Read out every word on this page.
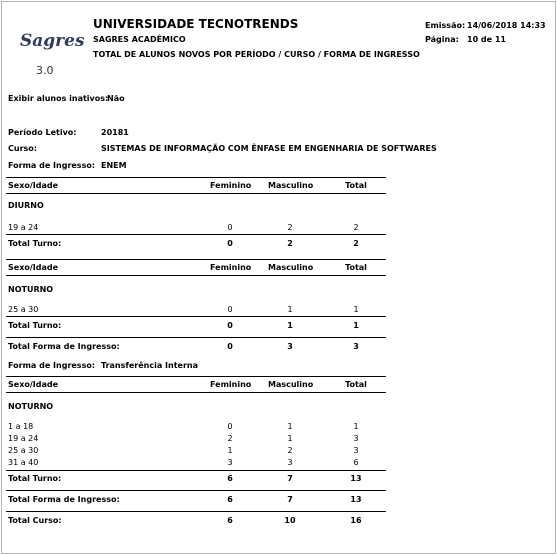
Sagres
3.0
UNIVERSIDADE TECNOTRENDS
SAGRES ACADÊMICO
TOTAL DE ALUNOS NOVOS POR PERÍODO / CURSO / FORMA DE INGRESSO
Emissão: 14/06/2018 14:33
Página: 10 de 11
Exibir alunos inativos:
Não
Período Letivo:	20181
Curso:	SISTEMAS DE INFORMAÇÃO COM ÊNFASE EM ENGENHARIA DE SOFTWARES
Forma de Ingresso: ENEM
Sexo/Idade	Feminino Masculino	Total
DIURNO
19 a 24	0	2	2
Total Turno:	0	2	2
Sexo/Idade	Feminino Masculino	Total
NOTURNO
25 a 30	0	1	1
Total Turno:	0	1	1
Total Forma de Ingresso:	0	3	3
Forma de Ingresso: Transferência Interna
Sexo/Idade	Feminino Masculino	Total
NOTURNO
1 a 18	0	1	1
19 a 24	2	1	3
25 a 30	1	2	3
31 a 40	3	3	6
Total Turno:	6	7	13
Total Forma de Ingresso:	6	7	13
Total Curso:	6	10	16
